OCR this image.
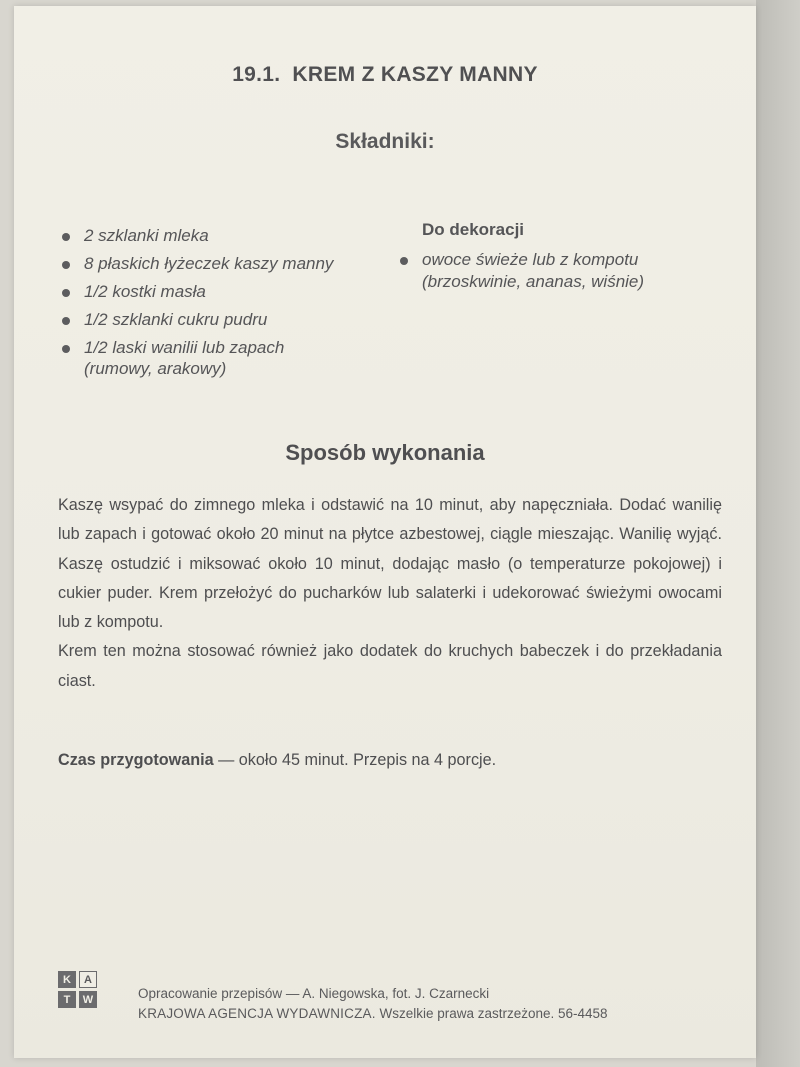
19.1. KREM Z KASZY MANNY
Składniki:
2 szklanki mleka
8 płaskich łyżeczek kaszy manny
1/2 kostki masła
1/2 szklanki cukru pudru
1/2 laski wanilii lub zapach
(rumowy, arakowy)
Do dekoracji
owoce świeże lub z kompotu
(brzoskwinie, ananas, wiśnie)
Sposób wykonania

Kaszę wsypać do zimnego mleka i odstawić na 10 minut, aby napęczniała. Dodać wanilię lub zapach i gotować około 20 minut na płytce azbestowej, ciągle mieszając. Wanilię wyjąć. Kaszę ostudzić i miksować około 10 minut, dodając masło (o temperaturze pokojowej) i cukier puder. Krem przełożyć do pucharków lub salaterki i udekorować świeżymi owocami lub z kompotu.

Krem ten można stosować również jako dodatek do kruchych babeczek i do przekładania ciast.

Czas przygotowania — około 45 minut. Przepis na 4 porcje.
K	A
T	W	Opracowanie przepisów — A. Niegowska, fot. J. Czarnecki
KRAJOWA AGENCJA WYDAWNICZA. Wszelkie prawa zastrzeżone. 56-4458
